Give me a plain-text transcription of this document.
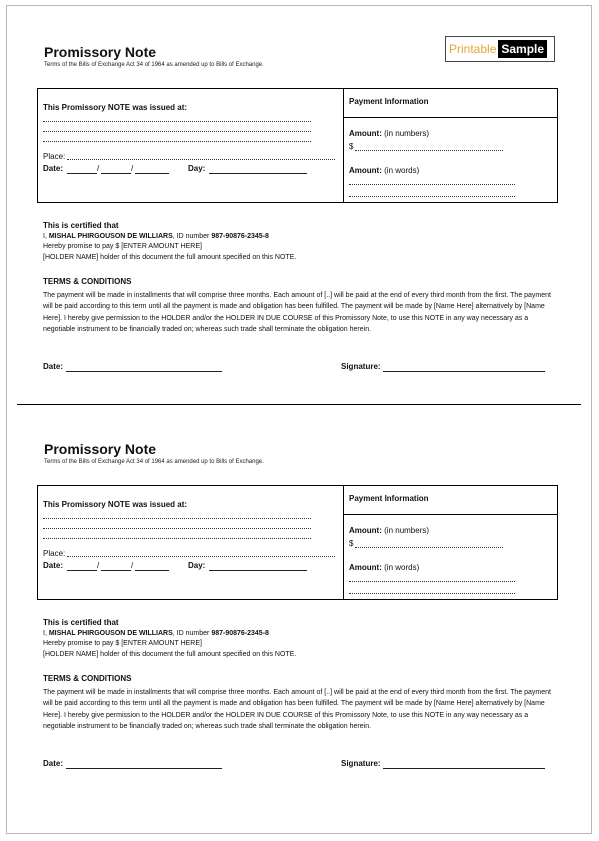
Printable Sample
Promissory Note
Terms of the Bills of Exchange Act 34 of 1964 as amended up to Bills of Exchange.
This Promissory NOTE was issued at:
Place:
Date:	/	/	Day:
Payment Information
Amount: (in numbers)
$
Amount: (in words)
This is certified that
I, MISHAL PHIRGOUSON DE WILLIARS, ID number 987-90876-2345-8
Hereby promise to pay $ [ENTER AMOUNT HERE]
[HOLDER NAME] holder of this document the full amount specified on this NOTE.
TERMS & CONDITIONS
The payment will be made in installments that will comprise three months. Each amount of [..] will be paid at the end of every third month from the first. The payment will be paid according to this term until all the payment is made and obligation has been fulfilled. The payment will be made by [Name Here] alternatively by [Name Here]. I hereby give permission to the HOLDER and/or the HOLDER IN DUE COURSE of this Promissory Note, to use this NOTE in any way necessary as a negotiable instrument to be financially traded on; whereas such trade shall terminate the obligation herein.
Date:	Signature:
Promissory Note
Terms of the Bills of Exchange Act 34 of 1964 as amended up to Bills of Exchange.
This Promissory NOTE was issued at:
Place:
Date:	/	/	Day:
Payment Information
Amount: (in numbers)
$
Amount: (in words)
This is certified that
I, MISHAL PHIRGOUSON DE WILLIARS, ID number 987-90876-2345-8
Hereby promise to pay $ [ENTER AMOUNT HERE]
[HOLDER NAME] holder of this document the full amount specified on this NOTE.
TERMS & CONDITIONS
The payment will be made in installments that will comprise three months. Each amount of [..] will be paid at the end of every third month from the first. The payment will be paid according to this term until all the payment is made and obligation has been fulfilled. The payment will be made by [Name Here] alternatively by [Name Here]. I hereby give permission to the HOLDER and/or the HOLDER IN DUE COURSE of this Promissory Note, to use this NOTE in any way necessary as a negotiable instrument to be financially traded on; whereas such trade shall terminate the obligation herein.
Date:	Signature:
